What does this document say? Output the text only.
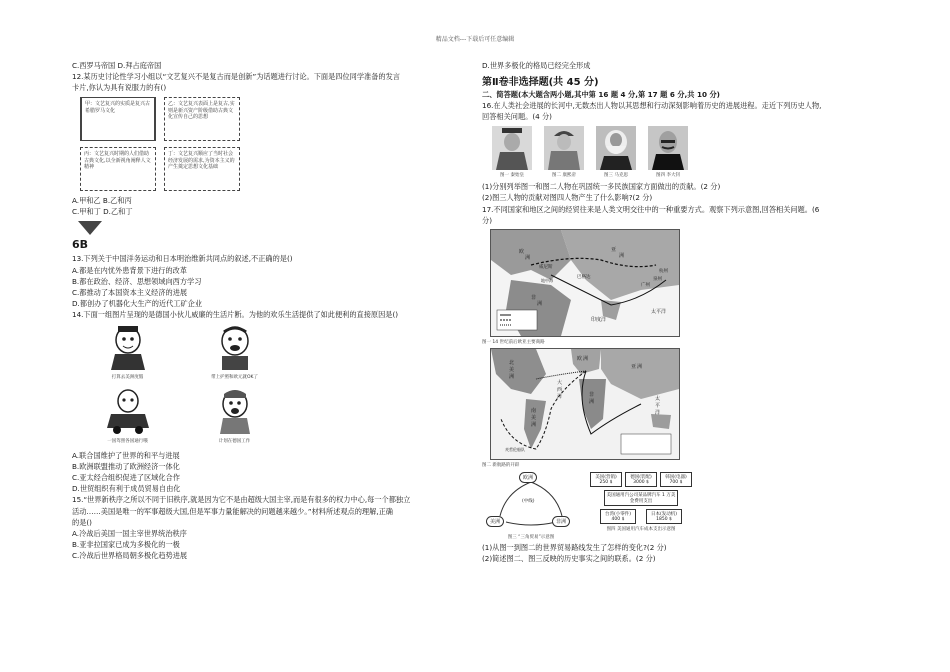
精品文档---下载后可任意编辑
C.西罗马帝国 D.拜占庭帝国
12.某历史讨论性学习小组以“文艺复兴不是复古而是创新”为话题进行讨论。下面是四位同学准备的发言
卡片,你认为具有说服力的有()
甲：文艺复兴的实质是复兴古希腊罗马文化
乙：文艺复兴表面上是复古,实则是新兴资产阶级借助古典文化宣传自己的思想
丙：文艺复兴时期的人们借助古典文化,以全新视角阐释人文精神
丁：文艺复兴顺应了当时社会经济发展的需求,为资本主义的产生奠定思想文化基础
A.甲和乙 B.乙和丙
C.甲和丁 D.乙和丁
6B
13.下列关于中国洋务运动和日本明治维新共同点的叙述,不正确的是()
A.都是在内忧外患背景下进行的改革
B.都在政治、经济、思想领域向西方学习
C.都推动了本国资本主义经济的进展
D.都创办了机器化大生产的近代工矿企业
14.下面一组图片呈现的是德国小伙儿威廉的生活片断。为他的欢乐生活提供了如此便利的直接原因是()
打算去美洲度假	带上护照和欧元就OK了
一国驾照各国通行哦	计划在德国工作
A.联合国维护了世界的和平与进展
B.欧洲联盟推动了欧洲经济一体化
C.亚太经合组织促进了区域化合作
D.世贸组织有利于成员贸易自由化
15.“世界新秩序之所以不同于旧秩序,就是因为它不是由超级大国主宰,而是有很多的权力中心,每一个都独立
活动……美国是唯一的军事超级大国,但是军事力量能解决的问题越来越少。”材料所述观点的理解,正确
的是()
A.冷战后美国一国主宰世界统治秩序
B.亚非拉国家已成为多极化的一极
C.冷战后世界格局朝多极化趋势进展
D.世界多极化的格局已经完全形成
第Ⅱ卷非选择题(共 45 分)
二、简答题(本大题含两小题,其中第 16 题 4 分,第 17 题 6 分,共 10 分)
16.在人类社会进展的长河中,无数杰出人物以其思想和行动深刻影响着历史的进展进程。走近下列历史人物,
回答相关问题。(4 分)
图一 秦始皇	图二 康熙帝	图三 马克思	图四 李大钊
(1)分别列举图一和图二人物在巩固统一多民族国家方面做出的贡献。(2 分)
(2)图三人物的贡献对图四人物产生了什么影响?(2 分)
17.不同国家和地区之间的经贸往来是人类文明交往中的一种重要方式。观察下列示意图,回答相关问题。(6
分)
欧
洲
亚
洲
非
洲
威尼斯
巴格达
广州
泉州
杭州
印度洋
太平洋
地中海
图一 14 世纪前后欧亚主要商路
北
美
洲
南
美
洲
欧 洲
非
洲
亚 洲
大
西
洋	太
平
洋
麦哲伦船队
图二 新航路的开辟
欧洲
美洲	非洲
(中线)
图三 “三角贸易”示意图
美国(营销)
250 $
德国(装配)
3000 $
韩国(电器)
700 $
美国通用汽公司某品牌汽车 1 万美金费用支出
台湾(小零件)
400 $
日本(发动机)
1850 $
图四 美国通用汽车成本支出示意图
(1)从图一到图二的世界贸易路线发生了怎样的变化?(2 分)
(2)简述图二、图三反映的历史事实之间的联系。(2 分)
